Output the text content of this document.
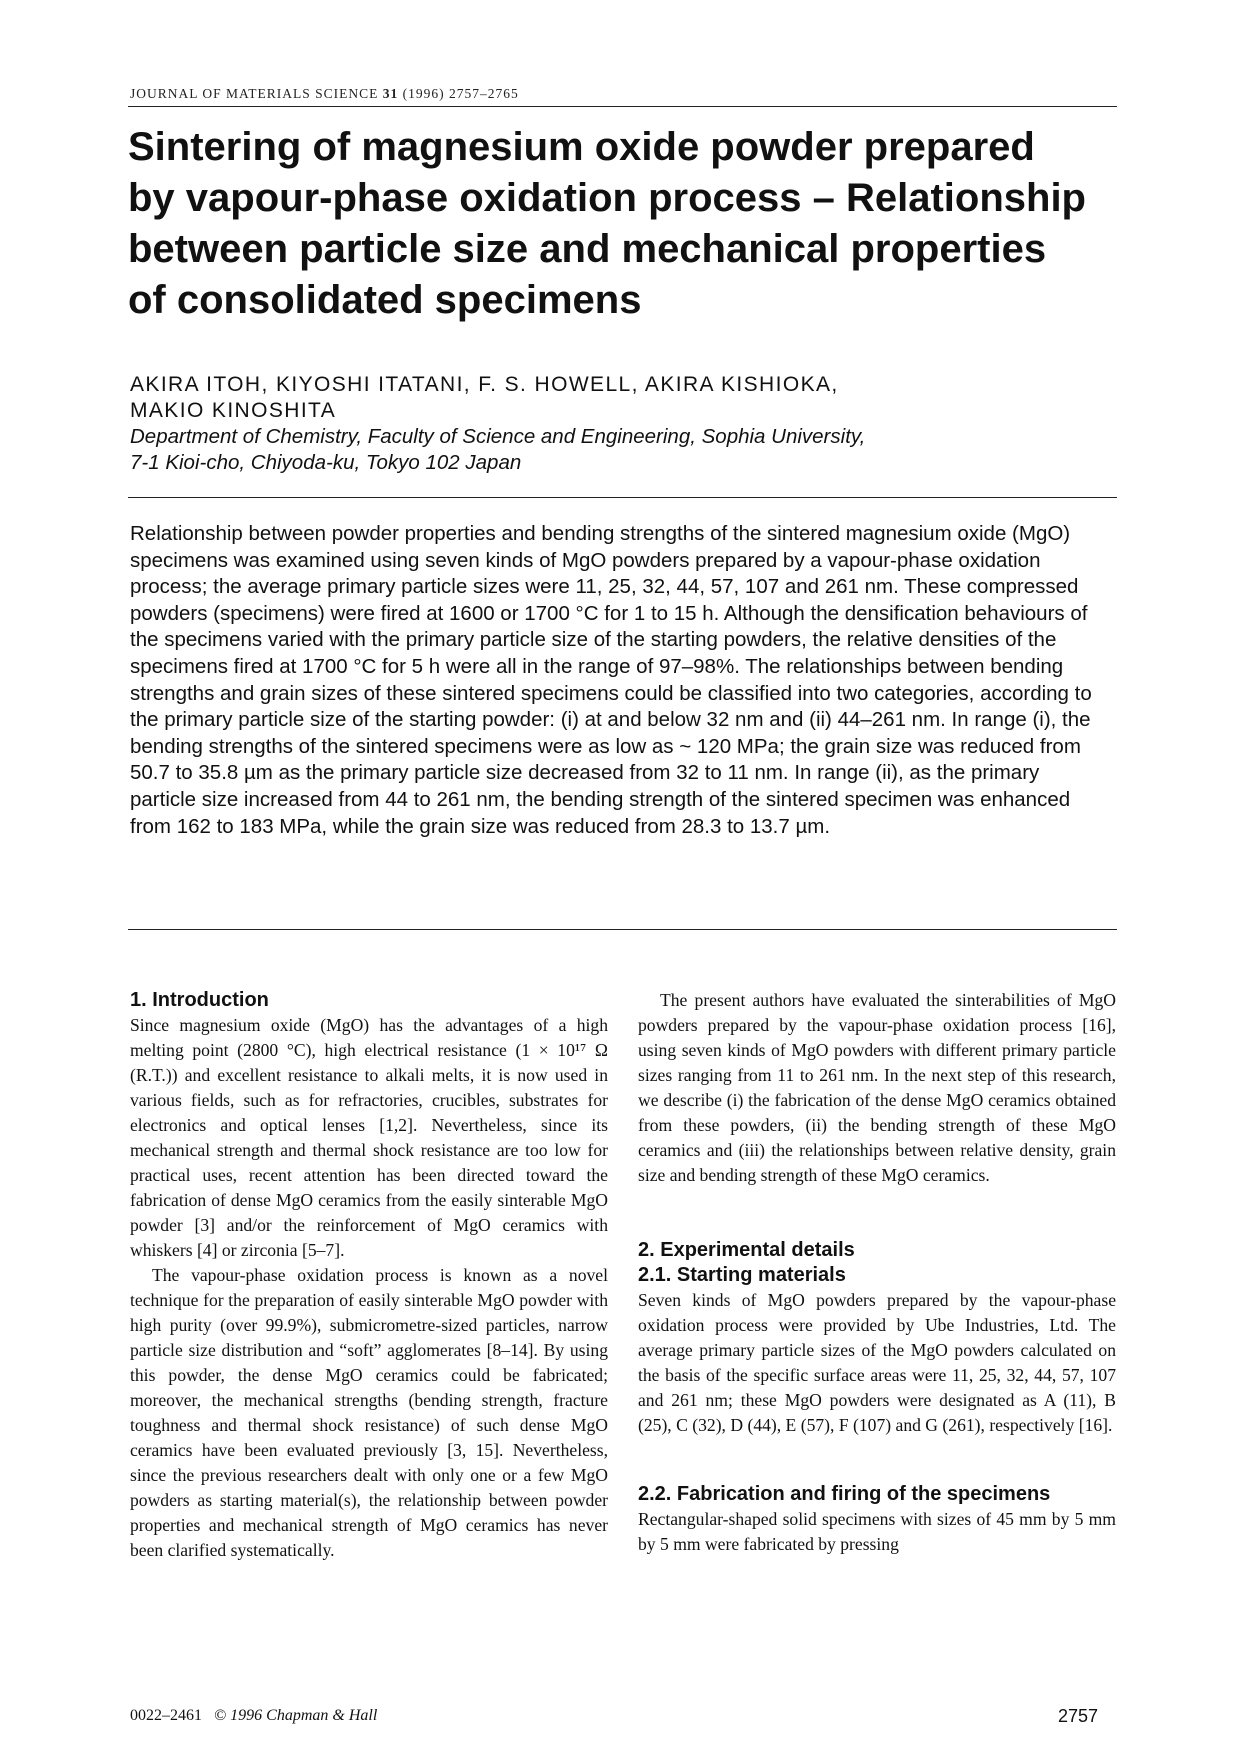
JOURNAL OF MATERIALS SCIENCE 31 (1996) 2757–2765
Sintering of magnesium oxide powder prepared by vapour-phase oxidation process – Relationship between particle size and mechanical properties of consolidated specimens
AKIRA ITOH, KIYOSHI ITATANI, F. S. HOWELL, AKIRA KISHIOKA,
MAKIO KINOSHITA
Department of Chemistry, Faculty of Science and Engineering, Sophia University,
7-1 Kioi-cho, Chiyoda-ku, Tokyo 102 Japan

Relationship between powder properties and bending strengths of the sintered magnesium oxide (MgO) specimens was examined using seven kinds of MgO powders prepared by a vapour-phase oxidation process; the average primary particle sizes were 11, 25, 32, 44, 57, 107 and 261 nm. These compressed powders (specimens) were fired at 1600 or 1700 °C for 1 to 15 h. Although the densification behaviours of the specimens varied with the primary particle size of the starting powders, the relative densities of the specimens fired at 1700 °C for 5 h were all in the range of 97–98%. The relationships between bending strengths and grain sizes of these sintered specimens could be classified into two categories, according to the primary particle size of the starting powder: (i) at and below 32 nm and (ii) 44–261 nm. In range (i), the bending strengths of the sintered specimens were as low as ~ 120 MPa; the grain size was reduced from 50.7 to 35.8 µm as the primary particle size decreased from 32 to 11 nm. In range (ii), as the primary particle size increased from 44 to 261 nm, the bending strength of the sintered specimen was enhanced from 162 to 183 MPa, while the grain size was reduced from 28.3 to 13.7 µm.

1. Introduction

Since magnesium oxide (MgO) has the advantages of a high melting point (2800 °C), high electrical resistance (1 × 10¹⁷ Ω (R.T.)) and excellent resistance to alkali melts, it is now used in various fields, such as for refractories, crucibles, substrates for electronics and optical lenses [1,2]. Nevertheless, since its mechanical strength and thermal shock resistance are too low for practical uses, recent attention has been directed toward the fabrication of dense MgO ceramics from the easily sinterable MgO powder [3] and/or the reinforcement of MgO ceramics with whiskers [4] or zirconia [5–7].

The vapour-phase oxidation process is known as a novel technique for the preparation of easily sinterable MgO powder with high purity (over 99.9%), submicrometre-sized particles, narrow particle size distribution and “soft” agglomerates [8–14]. By using this powder, the dense MgO ceramics could be fabricated; moreover, the mechanical strengths (bending strength, fracture toughness and thermal shock resistance) of such dense MgO ceramics have been evaluated previously [3, 15]. Nevertheless, since the previous researchers dealt with only one or a few MgO powders as starting material(s), the relationship between powder properties and mechanical strength of MgO ceramics has never been clarified systematically.

The present authors have evaluated the sinterabilities of MgO powders prepared by the vapour-phase oxidation process [16], using seven kinds of MgO powders with different primary particle sizes ranging from 11 to 261 nm. In the next step of this research, we describe (i) the fabrication of the dense MgO ceramics obtained from these powders, (ii) the bending strength of these MgO ceramics and (iii) the relationships between relative density, grain size and bending strength of these MgO ceramics.

2. Experimental details
2.1. Starting materials

Seven kinds of MgO powders prepared by the vapour-phase oxidation process were provided by Ube Industries, Ltd. The average primary particle sizes of the MgO powders calculated on the basis of the specific surface areas were 11, 25, 32, 44, 57, 107 and 261 nm; these MgO powders were designated as A (11), B (25), C (32), D (44), E (57), F (107) and G (261), respectively [16].

2.2. Fabrication and firing of the specimens

Rectangular-shaped solid specimens with sizes of 45 mm by 5 mm by 5 mm were fabricated by pressing

0022–2461 © 1996 Chapman & Hall	2757
